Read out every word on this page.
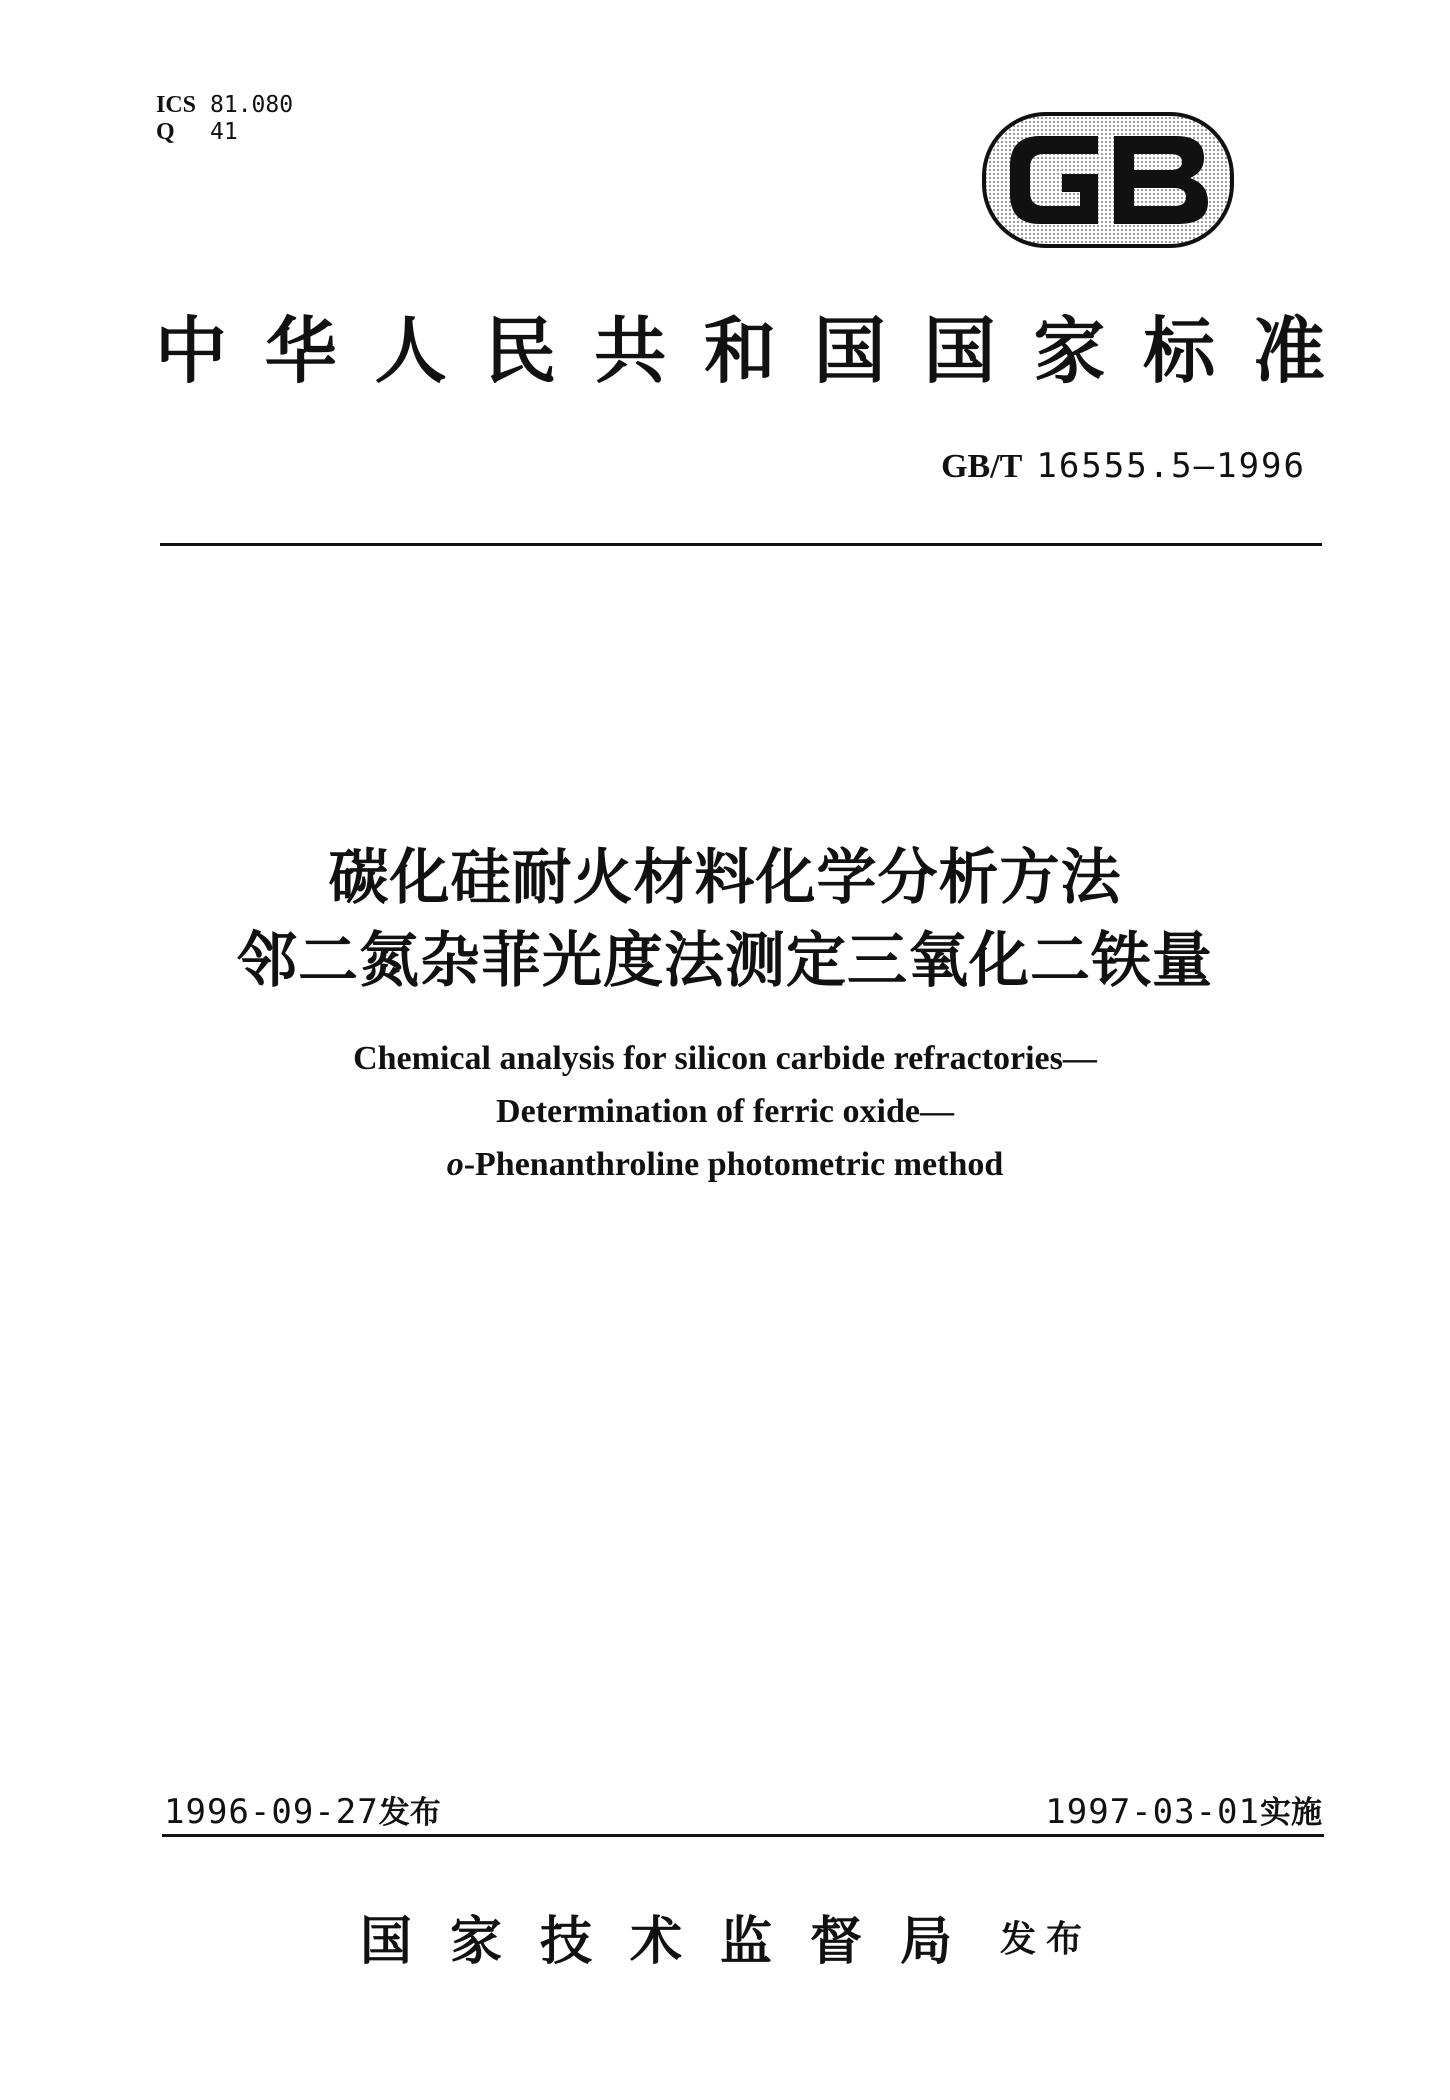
ICS 81.080
Q 41
中 华 人 民 共 和 国 国 家 标 准
GB/T 16555.5—1996
碳化硅耐火材料化学分析方法
邻二氮杂菲光度法测定三氧化二铁量
Chemical analysis for silicon carbide refractories—
Determination of ferric oxide—
o-Phenanthroline photometric method
1996-09-27发布	1997-03-01实施
国家技术监督局 发布
